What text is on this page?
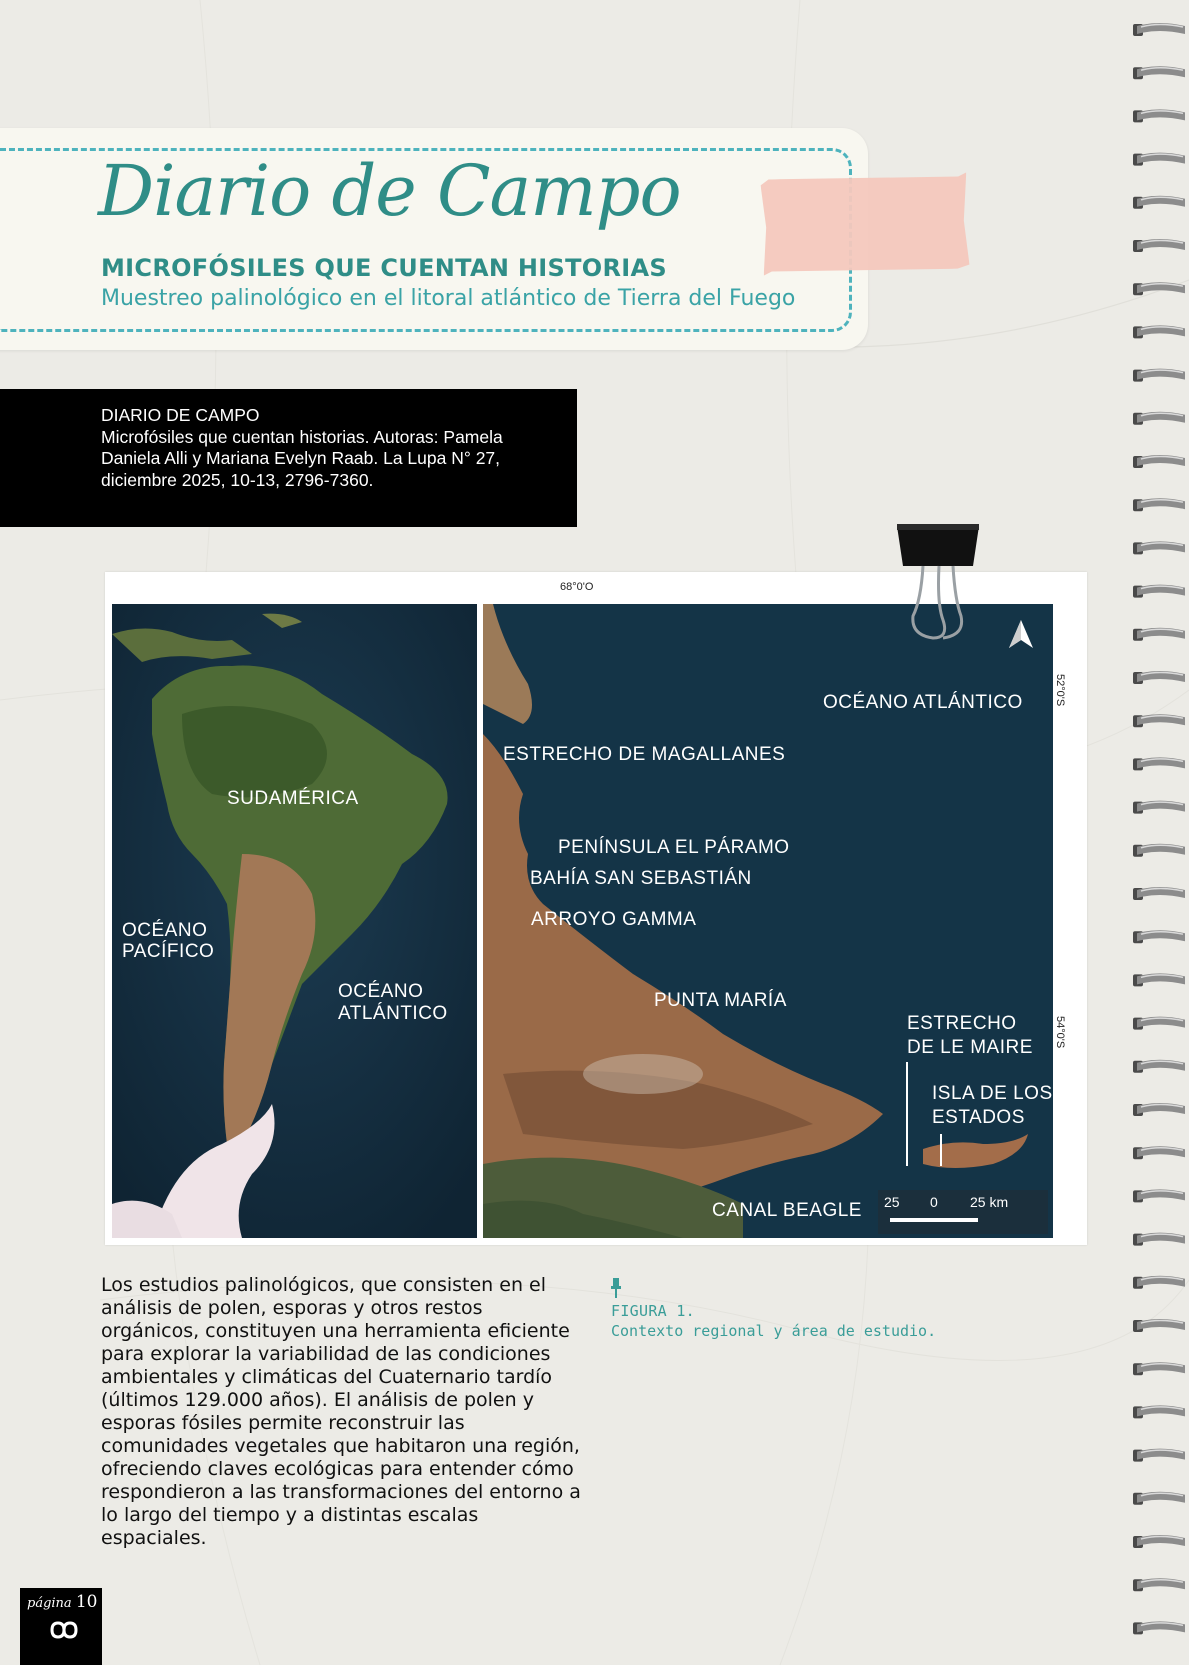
Diario de Campo
MICROFÓSILES QUE CUENTAN HISTORIAS

Muestreo palinológico en el litoral atlántico de Tierra del Fuego

DIARIO DE CAMPO
Microfósiles que cuentan historias. Autoras: Pamela Daniela Alli y Mariana Evelyn Raab. La Lupa N° 27, diciembre 2025, 10-13, 2796-7360.
68°0'O
52°0'S
54°0'S

SUDAMÉRICA

OCÉANO

PACÍFICO

OCÉANO

ATLÁNTICO

OCÉANO ATLÁNTICO

ESTRECHO DE MAGALLANES

PENÍNSULA EL PÁRAMO

BAHÍA SAN SEBASTIÁN

ARROYO GAMMA

PUNTA MARÍA

ESTRECHO

DE LE MAIRE

ISLA DE LOS

ESTADOS

CANAL BEAGLE 25 0 25 km

Los estudios palinológicos, que consisten en el análisis de polen, esporas y otros restos orgánicos, constituyen una herramienta eficiente para explorar la variabilidad de las condiciones ambientales y climáticas del Cuaternario tardío (últimos 129.000 años). El análisis de polen y esporas fósiles permite reconstruir las comunidades vegetales que habitaron una región, ofreciendo claves ecológicas para entender cómo respondieron a las transformaciones del entorno a lo largo del tiempo y a distintas escalas espaciales.

FIGURA 1.

Contexto regional y área de estudio.

página 10
